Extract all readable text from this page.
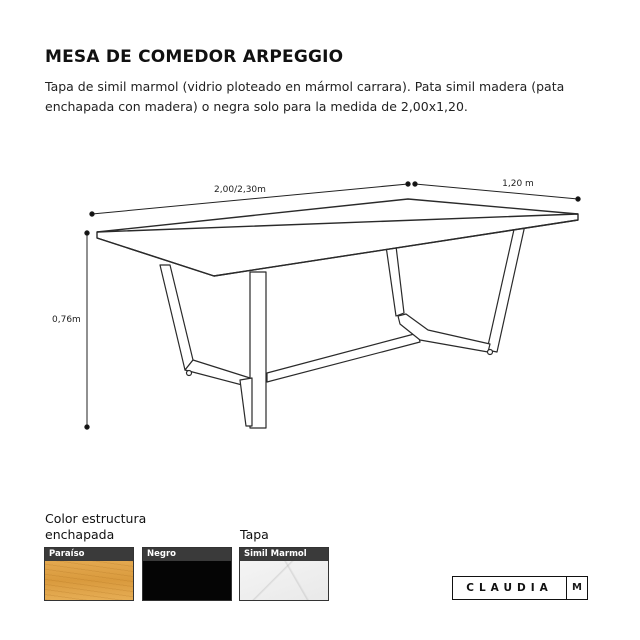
MESA DE COMEDOR ARPEGGIO

Tapa de simil marmol (vidrio ploteado en mármol carrara). Pata simil madera (pata enchapada con madera) o negra solo para la medida de 2,00x1,20.

2,00/2,30m
1,20 m
0,76m
Color estructura enchapada	Tapa
Paraíso	Negro	Simil Marmol
CLAUDIA	M
